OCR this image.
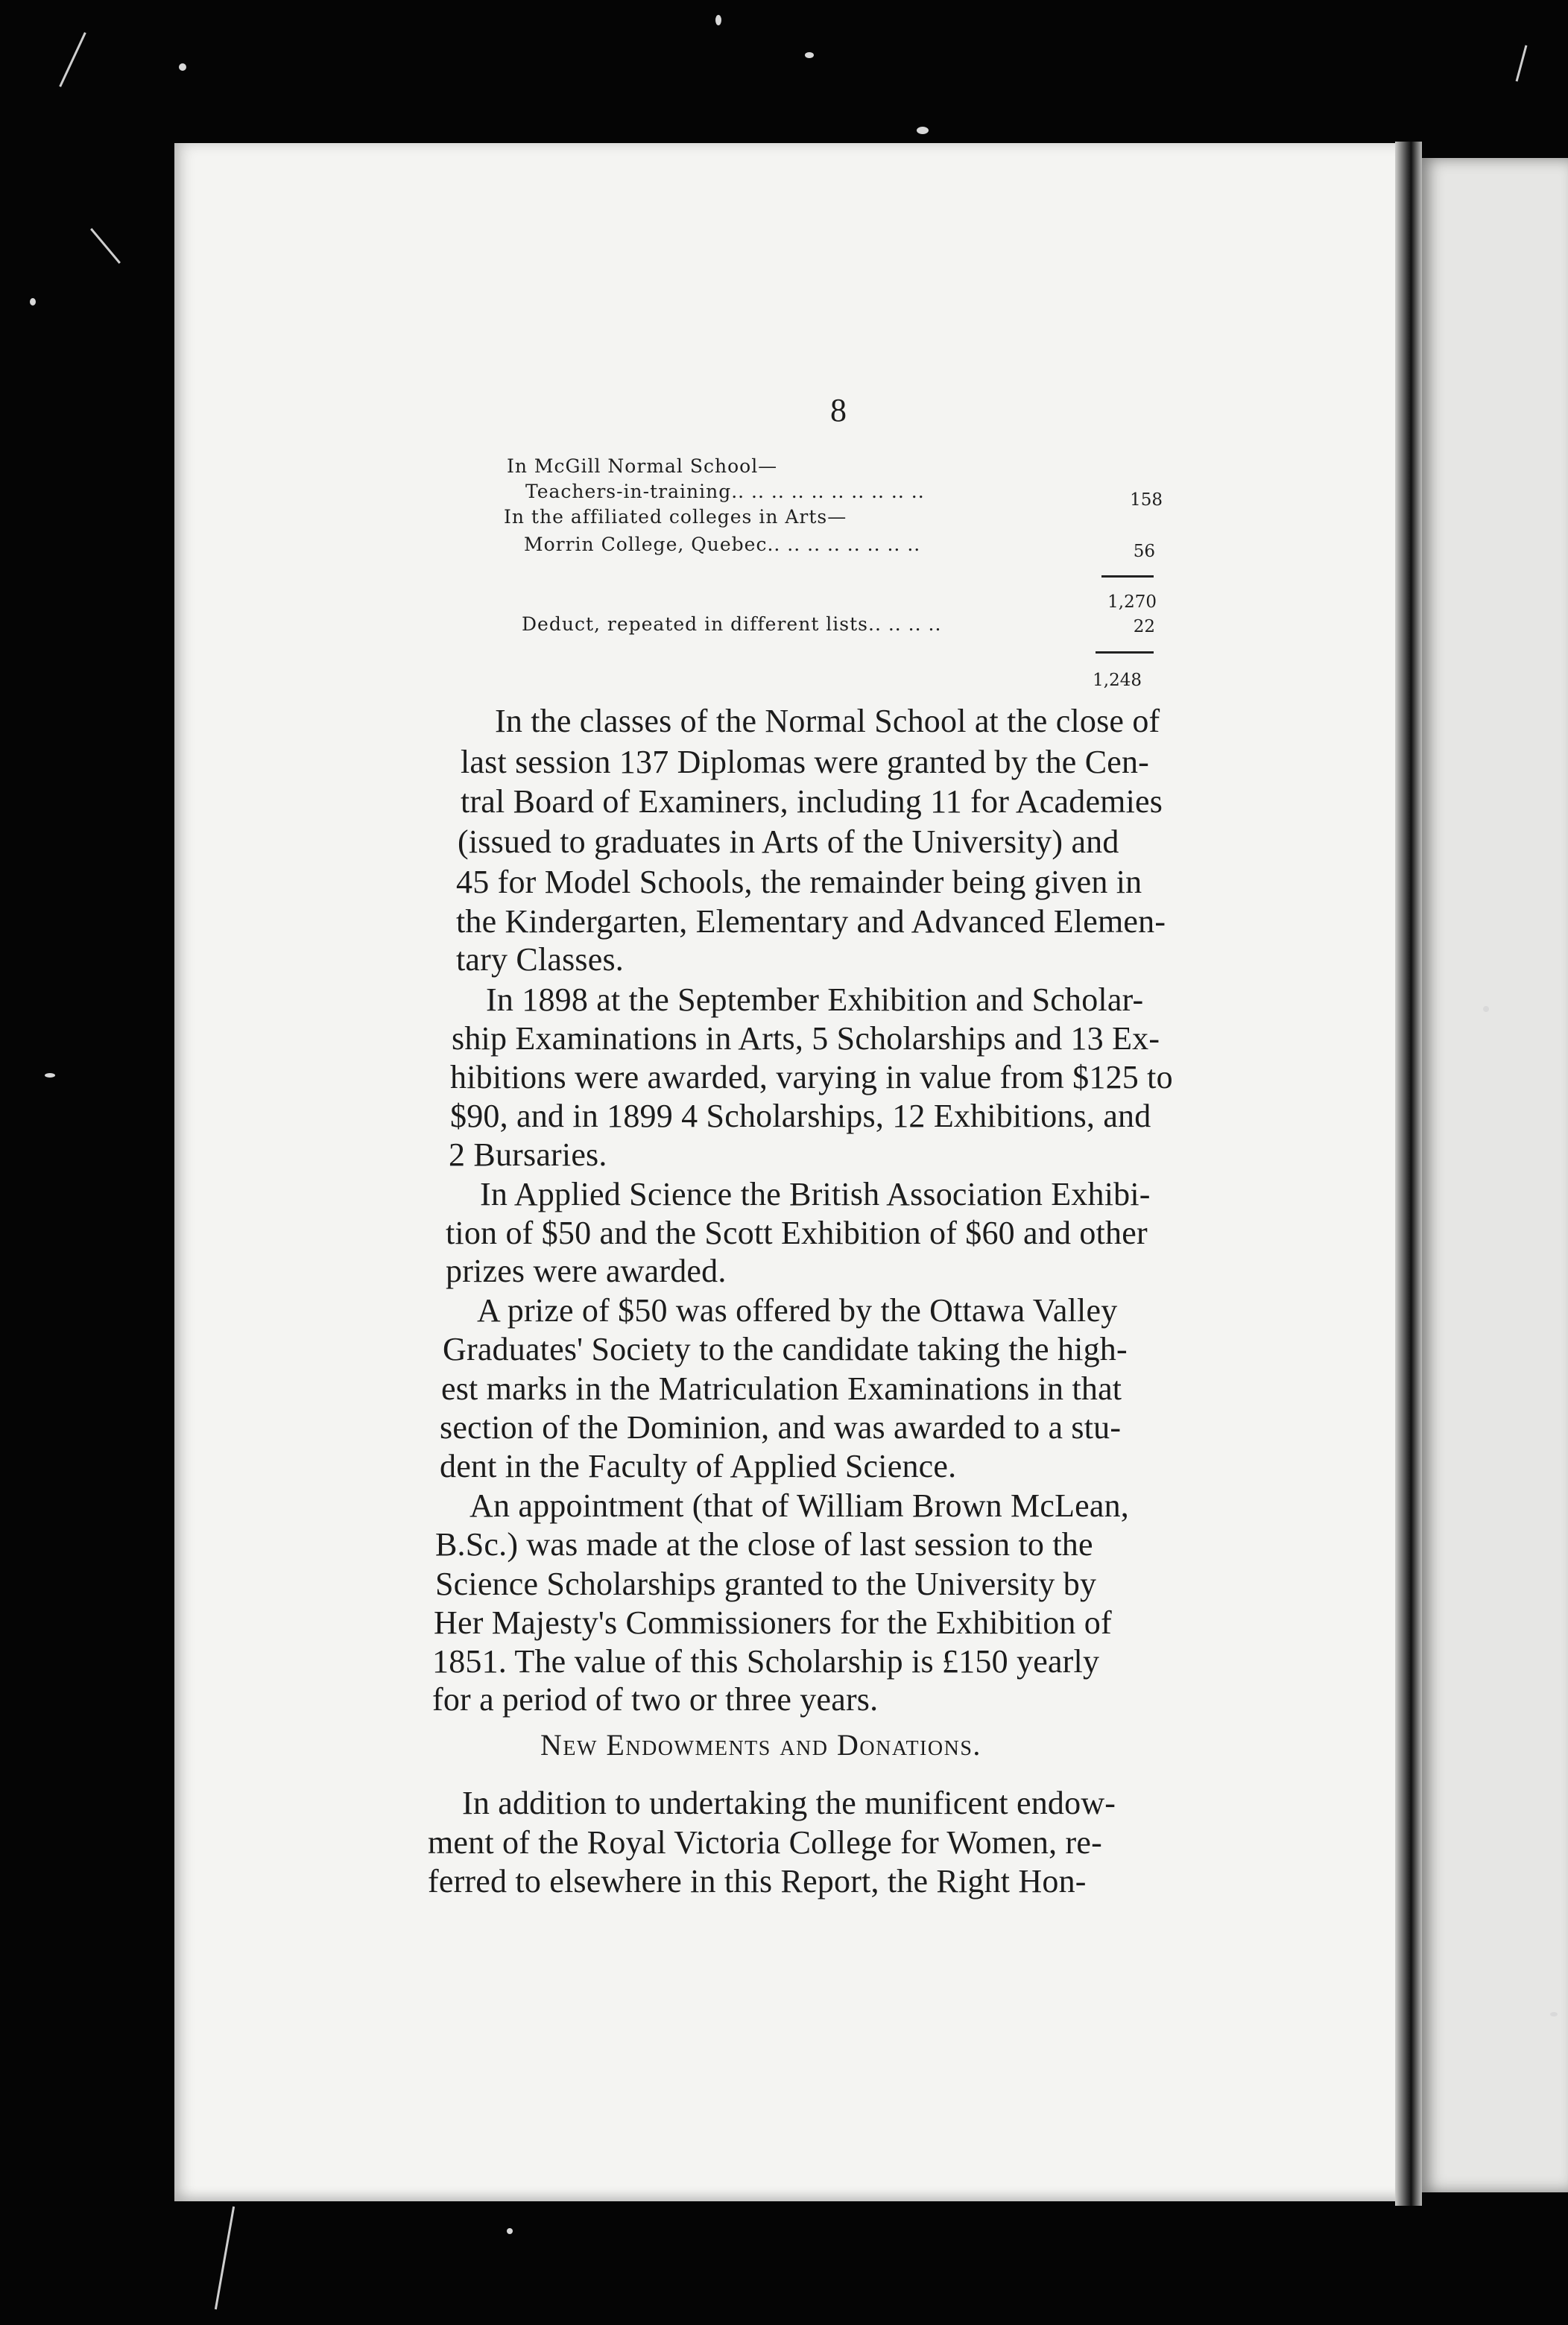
8
In McGill Normal School—
Teachers-in-training.. .. .. .. .. .. .. .. .. ..	158
In the affiliated colleges in Arts—
Morrin College, Quebec.. .. .. .. .. .. .. ..	56
1,270
Deduct, repeated in different lists.. .. .. ..	22
1,248
In the classes of the Normal School at the close of
last session 137 Diplomas were granted by the Cen-
tral Board of Examiners, including 11 for Academies
(issued to graduates in Arts of the University) and
45 for Model Schools, the remainder being given in
the Kindergarten, Elementary and Advanced Elemen-
tary Classes.
In 1898 at the September Exhibition and Scholar-
ship Examinations in Arts, 5 Scholarships and 13 Ex-
hibitions were awarded, varying in value from $125 to
$90, and in 1899 4 Scholarships, 12 Exhibitions, and
2 Bursaries.
In Applied Science the British Association Exhibi-
tion of $50 and the Scott Exhibition of $60 and other
prizes were awarded.
A prize of $50 was offered by the Ottawa Valley
Graduates' Society to the candidate taking the high-
est marks in the Matriculation Examinations in that
section of the Dominion, and was awarded to a stu-
dent in the Faculty of Applied Science.
An appointment (that of William Brown McLean,
B.Sc.) was made at the close of last session to the
Science Scholarships granted to the University by
Her Majesty's Commissioners for the Exhibition of
1851. The value of this Scholarship is £150 yearly
for a period of two or three years.
New Endowments and Donations.
In addition to undertaking the munificent endow-
ment of the Royal Victoria College for Women, re-
ferred to elsewhere in this Report, the Right Hon-
